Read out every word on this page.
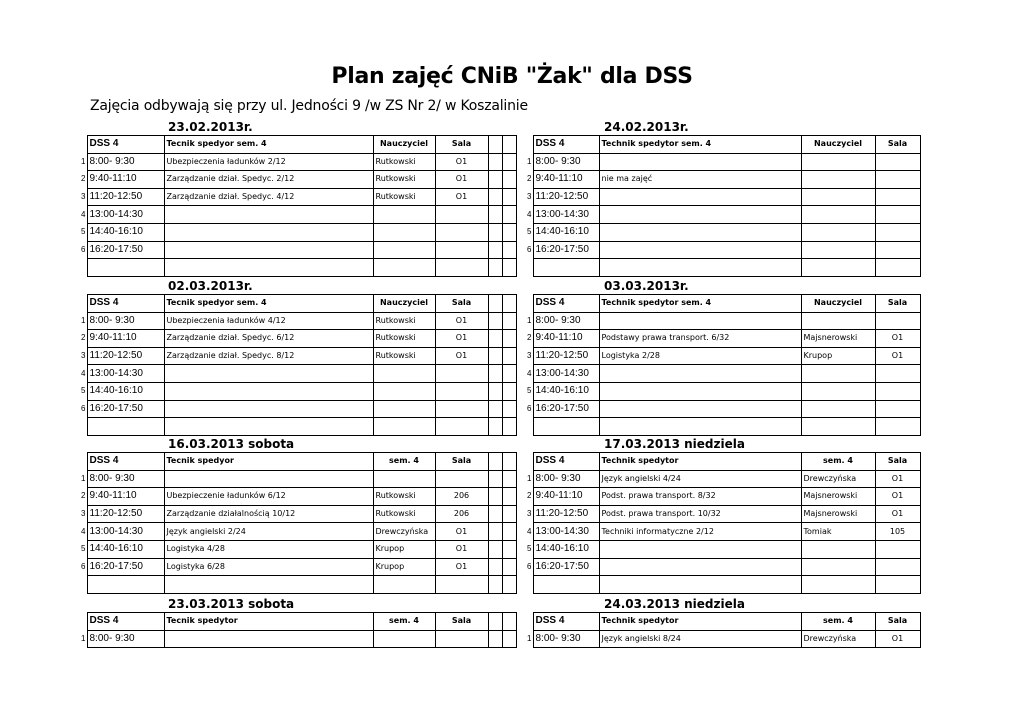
Plan zajęć CNiB "Żak" dla DSS
Zajęcia odbywają się przy ul. Jedności 9 /w ZS Nr 2/ w Koszalinie
23.02.2013r.
	DSS 4	Tecnik spedyor sem. 4	Nauczyciel	Sala		
1	8:00- 9:30	Ubezpieczenia ładunków 2/12	Rutkowski	O1		
2	9:40-11:10	Zarządzanie dział. Spedyc. 2/12	Rutkowski	O1		
3	11:20-12:50	Zarządzanie dział. Spedyc. 4/12	Rutkowski	O1		
4	13:00-14:30					
5	14:40-16:10					
6	16:20-17:50					

24.02.2013r.
	DSS 4	Technik spedytor sem. 4	Nauczyciel	Sala
1	8:00- 9:30			
2	9:40-11:10	nie ma zajęć		
3	11:20-12:50			
4	13:00-14:30			
5	14:40-16:10			
6	16:20-17:50			

02.03.2013r.
	DSS 4	Tecnik spedyor sem. 4	Nauczyciel	Sala		
1	8:00- 9:30	Ubezpieczenia ładunków 4/12	Rutkowski	O1		
2	9:40-11:10	Zarządzanie dział. Spedyc. 6/12	Rutkowski	O1		
3	11:20-12:50	Zarządzanie dział. Spedyc. 8/12	Rutkowski	O1		
4	13:00-14:30					
5	14:40-16:10					
6	16:20-17:50					

03.03.2013r.
	DSS 4	Technik spedytor sem. 4	Nauczyciel	Sala
1	8:00- 9:30			
2	9:40-11:10	Podstawy prawa transport. 6/32	Majsnerowski	O1
3	11:20-12:50	Logistyka 2/28	Krupop	O1
4	13:00-14:30			
5	14:40-16:10			
6	16:20-17:50			

16.03.2013 sobota
	DSS 4	Tecnik spedyor	sem. 4	Sala		
1	8:00- 9:30					
2	9:40-11:10	Ubezpieczenie ładunków 6/12	Rutkowski	206		
3	11:20-12:50	Zarządzanie działalnością 10/12	Rutkowski	206		
4	13:00-14:30	Język angielski 2/24	Drewczyńska	O1		
5	14:40-16:10	Logistyka 4/28	Krupop	O1		
6	16:20-17:50	Logistyka 6/28	Krupop	O1		

17.03.2013 niedziela
	DSS 4	Technik spedytor	sem. 4	Sala
1	8:00- 9:30	Język angielski 4/24	Drewczyńska	O1
2	9:40-11:10	Podst. prawa transport. 8/32	Majsnerowski	O1
3	11:20-12:50	Podst. prawa transport. 10/32	Majsnerowski	O1
4	13:00-14:30	Techniki informatyczne 2/12	Tomiak	105
5	14:40-16:10			
6	16:20-17:50			

23.03.2013 sobota
	DSS 4	Tecnik spedytor	sem. 4	Sala		
1	8:00- 9:30					
24.03.2013 niedziela
	DSS 4	Technik spedytor	sem. 4	Sala
1	8:00- 9:30	Język angielski 8/24	Drewczyńska	O1
